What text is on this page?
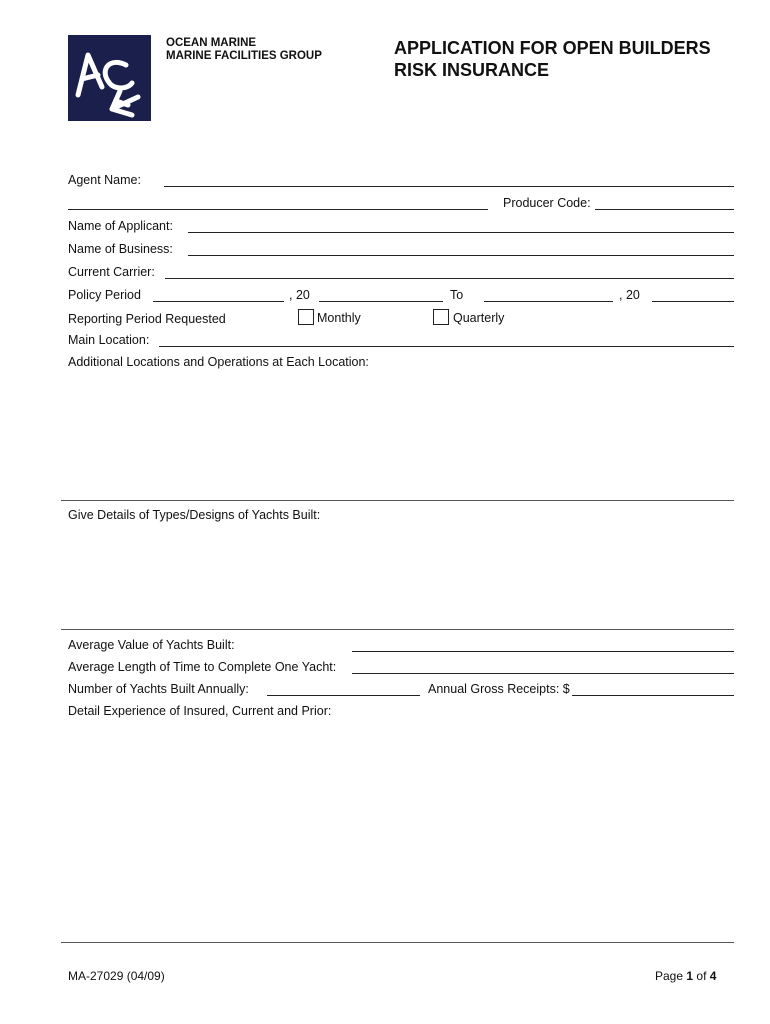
OCEAN MARINE
MARINE FACILITIES GROUP	APPLICATION FOR OPEN BUILDERS
RISK INSURANCE
Agent Name:
Producer Code:
Name of Applicant:
Name of Business:
Current Carrier:
Policy Period	, 20	To	, 20
Reporting Period Requested	Monthly	Quarterly
Main Location:
Additional Locations and Operations at Each Location:
Give Details of Types/Designs of Yachts Built:
Average Value of Yachts Built:
Average Length of Time to Complete One Yacht:
Number of Yachts Built Annually:	Annual Gross Receipts: $
Detail Experience of Insured, Current and Prior:
MA-27029 (04/09)	Page 1 of 4
